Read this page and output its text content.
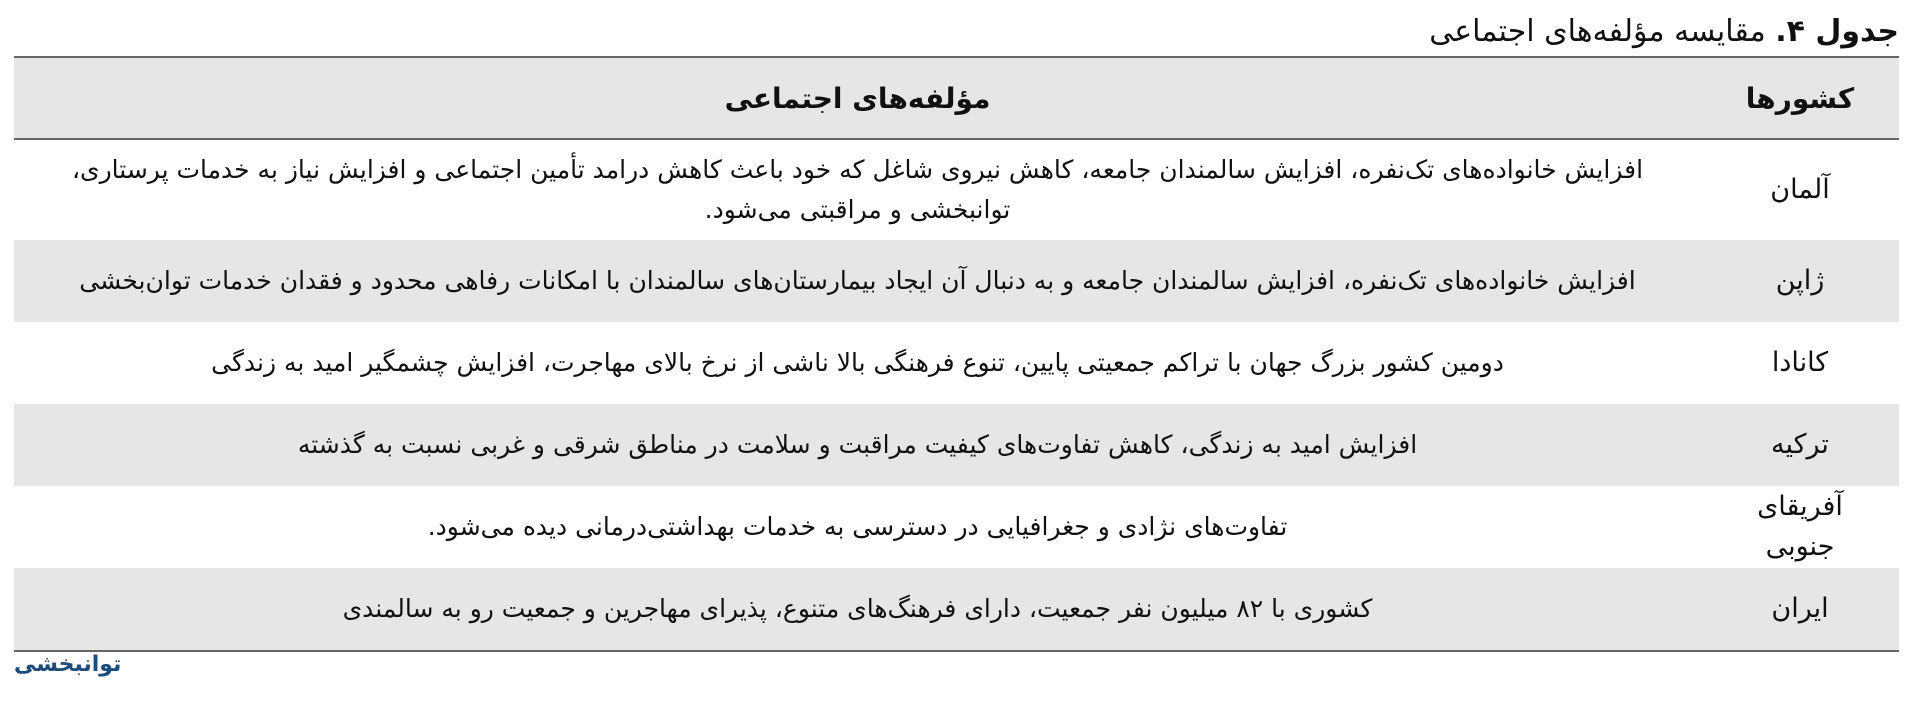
جدول ۴. مقایسه مؤلفه‌های اجتماعی
کشورها	مؤلفه‌های اجتماعی
آلمان	افزایش خانواده‌های تک‌نفره، افزایش سالمندان جامعه، کاهش نیروی شاغل که خود باعث کاهش درامد تأمین اجتماعی و افزایش نیاز به خدمات پرستاری، توانبخشی و مراقبتی می‌شود.
ژاپن	افزایش خانواده‌های تک‌نفره، افزایش سالمندان جامعه و به دنبال آن ایجاد بیمارستان‌های سالمندان با امکانات رفاهی محدود و فقدان خدمات توان‌بخشی
کانادا	دومین کشور بزرگ جهان با تراکم جمعیتی پایین، تنوع فرهنگی بالا ناشی از نرخ بالای مهاجرت، افزایش چشمگیر امید به زندگی
ترکیه	افزایش امید به زندگی، کاهش تفاوت‌های کیفیت مراقبت و سلامت در مناطق شرقی و غربی نسبت به گذشته
آفریقای جنوبی	تفاوت‌های نژادی و جغرافیایی در دسترسی به خدمات بهداشتی‌درمانی دیده می‌شود.
ایران	کشوری با ۸۲ میلیون نفر جمعیت، دارای فرهنگ‌های متنوع، پذیرای مهاجرین و جمعیت رو به سالمندی
توانبخشی
